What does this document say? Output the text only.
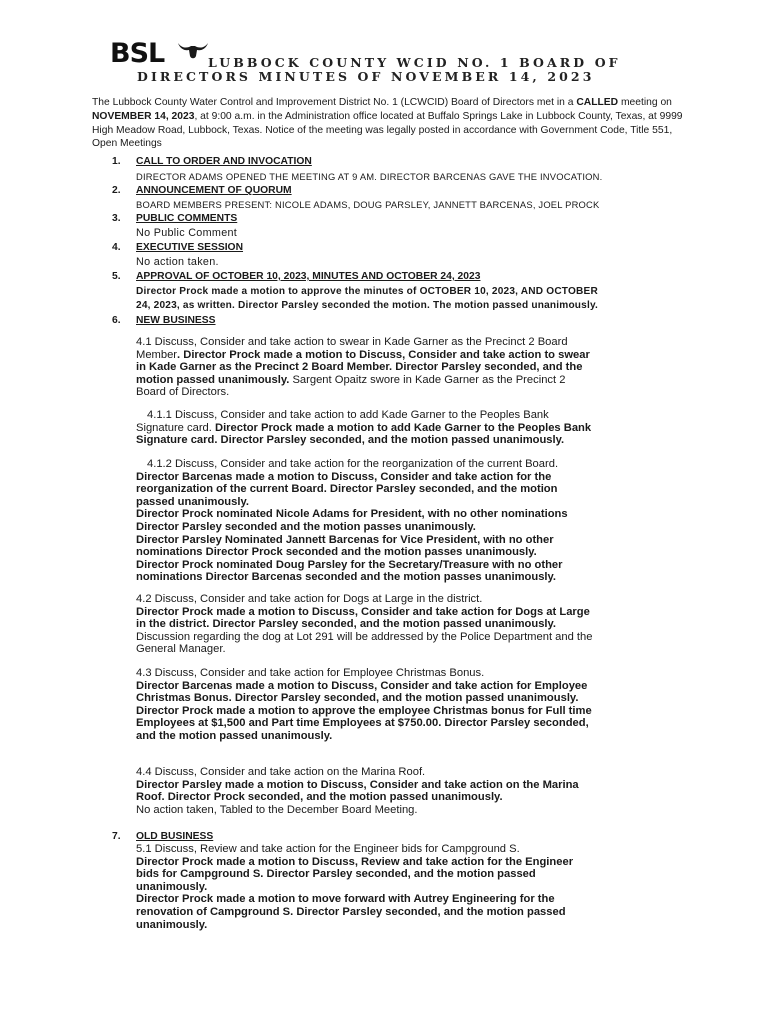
BSL	LUBBOCK COUNTY WCID NO. 1 BOARD OF
DIRECTORS MINUTES OF NOVEMBER 14, 2023
The Lubbock County Water Control and Improvement District No. 1 (LCWCID) Board of Directors met in a CALLED meeting on
NOVEMBER 14, 2023, at 9:00 a.m. in the Administration office located at Buffalo Springs Lake in Lubbock County, Texas, at 9999
High Meadow Road, Lubbock, Texas. Notice of the meeting was legally posted in accordance with Government Code, Title 551,
Open Meetings
1. CALL TO ORDER AND INVOCATION
DIRECTOR ADAMS OPENED THE MEETING AT 9 AM. DIRECTOR BARCENAS GAVE THE INVOCATION.
2. ANNOUNCEMENT OF QUORUM
BOARD MEMBERS PRESENT: NICOLE ADAMS, DOUG PARSLEY, JANNETT BARCENAS, JOEL PROCK
3. PUBLIC COMMENTS
No Public Comment
4. EXECUTIVE SESSION
No action taken.
5. APPROVAL OF OCTOBER 10, 2023, MINUTES AND OCTOBER 24, 2023
Director Prock made a motion to approve the minutes of OCTOBER 10, 2023, AND OCTOBER
24, 2023, as written. Director Parsley seconded the motion. The motion passed unanimously.
6. NEW BUSINESS
4.1 Discuss, Consider and take action to swear in Kade Garner as the Precinct 2 Board
Member. Director Prock made a motion to Discuss, Consider and take action to swear
in Kade Garner as the Precinct 2 Board Member. Director Parsley seconded, and the
motion passed unanimously. Sargent Opaitz swore in Kade Garner as the Precinct 2
Board of Directors.
4.1.1 Discuss, Consider and take action to add Kade Garner to the Peoples Bank
Signature card. Director Prock made a motion to add Kade Garner to the Peoples Bank
Signature card. Director Parsley seconded, and the motion passed unanimously.
4.1.2 Discuss, Consider and take action for the reorganization of the current Board.
Director Barcenas made a motion to Discuss, Consider and take action for the
reorganization of the current Board. Director Parsley seconded, and the motion
passed unanimously.
Director Prock nominated Nicole Adams for President, with no other nominations
Director Parsley seconded and the motion passes unanimously.
Director Parsley Nominated Jannett Barcenas for Vice President, with no other
nominations Director Prock seconded and the motion passes unanimously.
Director Prock nominated Doug Parsley for the Secretary/Treasure with no other
nominations Director Barcenas seconded and the motion passes unanimously.
4.2 Discuss, Consider and take action for Dogs at Large in the district.
Director Prock made a motion to Discuss, Consider and take action for Dogs at Large
in the district. Director Parsley seconded, and the motion passed unanimously.
Discussion regarding the dog at Lot 291 will be addressed by the Police Department and the
General Manager.
4.3 Discuss, Consider and take action for Employee Christmas Bonus.
Director Barcenas made a motion to Discuss, Consider and take action for Employee
Christmas Bonus. Director Parsley seconded, and the motion passed unanimously.
Director Prock made a motion to approve the employee Christmas bonus for Full time
Employees at $1,500 and Part time Employees at $750.00. Director Parsley seconded,
and the motion passed unanimously.
4.4 Discuss, Consider and take action on the Marina Roof.
Director Parsley made a motion to Discuss, Consider and take action on the Marina
Roof. Director Prock seconded, and the motion passed unanimously.
No action taken, Tabled to the December Board Meeting.
7. OLD BUSINESS
5.1 Discuss, Review and take action for the Engineer bids for Campground S.
Director Prock made a motion to Discuss, Review and take action for the Engineer
bids for Campground S. Director Parsley seconded, and the motion passed
unanimously.
Director Prock made a motion to move forward with Autrey Engineering for the
renovation of Campground S. Director Parsley seconded, and the motion passed
unanimously.
